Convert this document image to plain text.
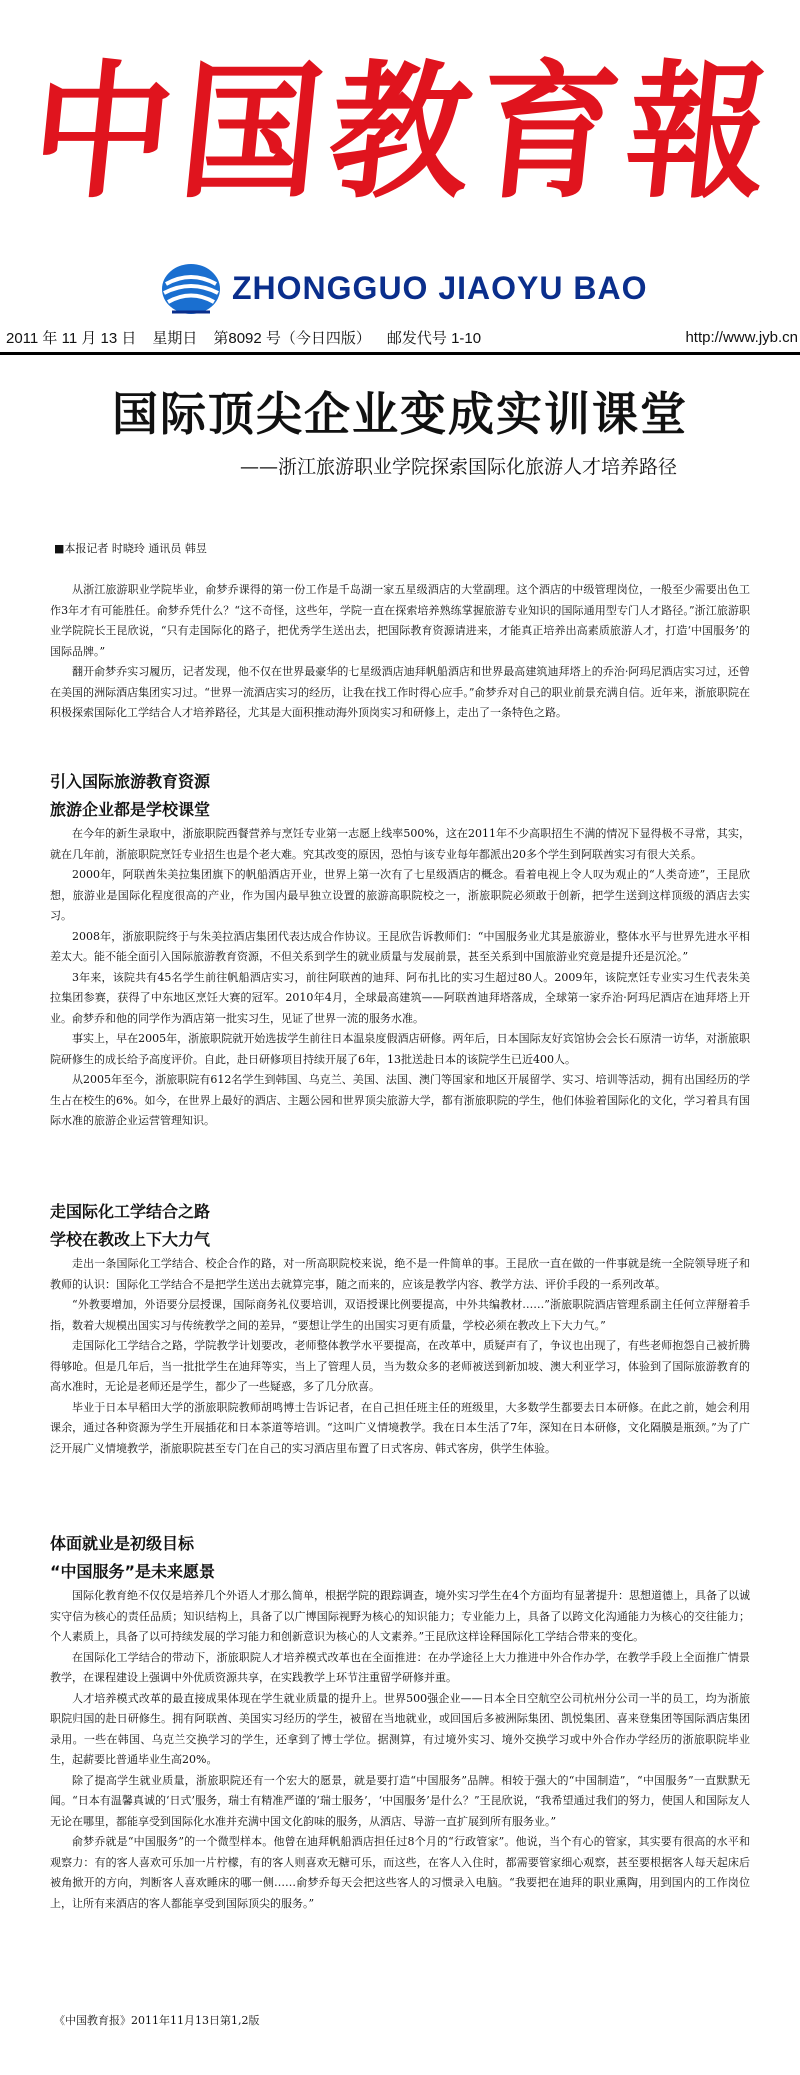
中
国
教
育
報
ZHONGGUO JIAOYU BAO
2011 年 11 月 13 日 星期日 第8092 号（今日四版） 邮发代号 1-10	http://www.jyb.cn
国际顶尖企业变成实训课堂
——浙江旅游职业学院探索国际化旅游人才培养路径
■本报记者 时晓玲 通讯员 韩昱

从浙江旅游职业学院毕业，俞梦乔课得的第一份工作是千岛湖一家五星级酒店的大堂副理。这个酒店的中级管理岗位，一般至少需要出色工作3年才有可能胜任。俞梦乔凭什么？“这不奇怪，这些年，学院一直在探索培养熟练掌握旅游专业知识的国际通用型专门人才路径。”浙江旅游职业学院院长王昆欣说，“只有走国际化的路子，把优秀学生送出去，把国际教育资源请进来，才能真正培养出高素质旅游人才，打造‘中国服务’的国际品牌。”

翻开俞梦乔实习履历，记者发现，他不仅在世界最豪华的七星级酒店迪拜帆船酒店和世界最高建筑迪拜塔上的乔治·阿玛尼酒店实习过，还曾在美国的洲际酒店集团实习过。“世界一流酒店实习的经历，让我在找工作时得心应手。”俞梦乔对自己的职业前景充满自信。近年来，浙旅职院在积极探索国际化工学结合人才培养路径，尤其是大面积推动海外顶岗实习和研修上，走出了一条特色之路。

引入国际旅游教育资源

旅游企业都是学校课堂

在今年的新生录取中，浙旅职院西餐营养与烹饪专业第一志愿上线率500%，这在2011年不少高职招生不满的情况下显得极不寻常，其实，就在几年前，浙旅职院烹饪专业招生也是个老大难。究其改变的原因，恐怕与该专业每年都派出20多个学生到阿联酋实习有很大关系。

2000年，阿联酋朱美拉集团旗下的帆船酒店开业，世界上第一次有了七星级酒店的概念。看着电视上令人叹为观止的“人类奇迹”，王昆欣想，旅游业是国际化程度很高的产业，作为国内最早独立设置的旅游高职院校之一，浙旅职院必须敢于创新，把学生送到这样顶级的酒店去实习。

2008年，浙旅职院终于与朱美拉酒店集团代表达成合作协议。王昆欣告诉教师们：“中国服务业尤其是旅游业，整体水平与世界先进水平相差太大。能不能全面引入国际旅游教育资源，不但关系到学生的就业质量与发展前景，甚至关系到中国旅游业究竟是提升还是沉沦。”

3年来，该院共有45名学生前往帆船酒店实习，前往阿联酋的迪拜、阿布扎比的实习生超过80人。2009年，该院烹饪专业实习生代表朱美拉集团参赛，获得了中东地区烹饪大赛的冠军。2010年4月，全球最高建筑——阿联酋迪拜塔落成，全球第一家乔治·阿玛尼酒店在迪拜塔上开业。俞梦乔和他的同学作为酒店第一批实习生，见证了世界一流的服务水准。

事实上，早在2005年，浙旅职院就开始选拔学生前往日本温泉度假酒店研修。两年后，日本国际友好宾馆协会会长石原清一访华，对浙旅职院研修生的成长给予高度评价。自此，赴日研修项目持续开展了6年，13批送赴日本的该院学生已近400人。

从2005年至今，浙旅职院有612名学生到韩国、乌克兰、美国、法国、澳门等国家和地区开展留学、实习、培训等活动，拥有出国经历的学生占在校生的6%。如今，在世界上最好的酒店、主题公园和世界顶尖旅游大学，都有浙旅职院的学生，他们体验着国际化的文化，学习着具有国际水准的旅游企业运营管理知识。

走国际化工学结合之路

学校在教改上下大力气

走出一条国际化工学结合、校企合作的路，对一所高职院校来说，绝不是一件简单的事。王昆欣一直在做的一件事就是统一全院领导班子和教师的认识：国际化工学结合不是把学生送出去就算完事，随之而来的，应该是教学内容、教学方法、评价手段的一系列改革。

“外教要增加，外语要分层授课，国际商务礼仪要培训，双语授课比例要提高，中外共编教材……”浙旅职院酒店管理系副主任何立萍掰着手指，数着大规模出国实习与传统教学之间的差异，“要想让学生的出国实习更有质量，学校必须在教改上下大力气。”

走国际化工学结合之路，学院教学计划要改，老师整体教学水平要提高，在改革中，质疑声有了，争议也出现了，有些老师抱怨自己被折腾得够呛。但是几年后，当一批批学生在迪拜等实，当上了管理人员，当为数众多的老师被送到新加坡、澳大利亚学习，体验到了国际旅游教育的高水准时，无论是老师还是学生，都少了一些疑惑，多了几分欣喜。

毕业于日本早稻田大学的浙旅职院教师胡鸣博士告诉记者，在自己担任班主任的班级里，大多数学生都要去日本研修。在此之前，她会利用课余，通过各种资源为学生开展插花和日本茶道等培训。“这叫广义情境教学。我在日本生活了7年，深知在日本研修，文化隔膜是瓶颈。”为了广泛开展广义情境教学，浙旅职院甚至专门在自己的实习酒店里布置了日式客房、韩式客房，供学生体验。

体面就业是初级目标

“中国服务”是未来愿景

国际化教育绝不仅仅是培养几个外语人才那么简单，根据学院的跟踪调查，境外实习学生在4个方面均有显著提升：思想道德上，具备了以诚实守信为核心的责任品质；知识结构上，具备了以广博国际视野为核心的知识能力；专业能力上，具备了以跨文化沟通能力为核心的交往能力；个人素质上，具备了以可持续发展的学习能力和创新意识为核心的人文素养。”王昆欣这样诠释国际化工学结合带来的变化。

在国际化工学结合的带动下，浙旅职院人才培养模式改革也在全面推进：在办学途径上大力推进中外合作办学，在教学手段上全面推广情景教学，在课程建设上强调中外优质资源共享，在实践教学上环节注重留学研修并重。

人才培养模式改革的最直接成果体现在学生就业质量的提升上。世界500强企业——日本全日空航空公司杭州分公司一半的员工，均为浙旅职院归国的赴日研修生。拥有阿联酋、美国实习经历的学生，被留在当地就业，或回国后多被洲际集团、凯悦集团、喜来登集团等国际酒店集团录用。一些在韩国、乌克兰交换学习的学生，还拿到了博士学位。据测算，有过境外实习、境外交换学习或中外合作办学经历的浙旅职院毕业生，起薪要比普通毕业生高20%。

除了提高学生就业质量，浙旅职院还有一个宏大的愿景，就是要打造“中国服务”品牌。相较于强大的“中国制造”，“中国服务”一直默默无闻。“日本有温馨真诚的‘日式’服务，瑞士有精准严谨的‘瑞士服务’，‘中国服务’是什么？”王昆欣说，“我希望通过我们的努力，使国人和国际友人无论在哪里，都能享受到国际化水准并充满中国文化韵味的服务，从酒店、导游一直扩展到所有服务业。”

俞梦乔就是“中国服务”的一个微型样本。他曾在迪拜帆船酒店担任过8个月的“行政管家”。他说，当个有心的管家，其实要有很高的水平和观察力：有的客人喜欢可乐加一片柠檬，有的客人则喜欢无糖可乐，而这些，在客人入住时，都需要管家细心观察，甚至要根据客人每天起床后被角掀开的方向，判断客人喜欢睡床的哪一侧……俞梦乔每天会把这些客人的习惯录入电脑。“我要把在迪拜的职业熏陶，用到国内的工作岗位上，让所有来酒店的客人都能享受到国际顶尖的服务。”

《中国教育报》2011年11月13日第1,2版
